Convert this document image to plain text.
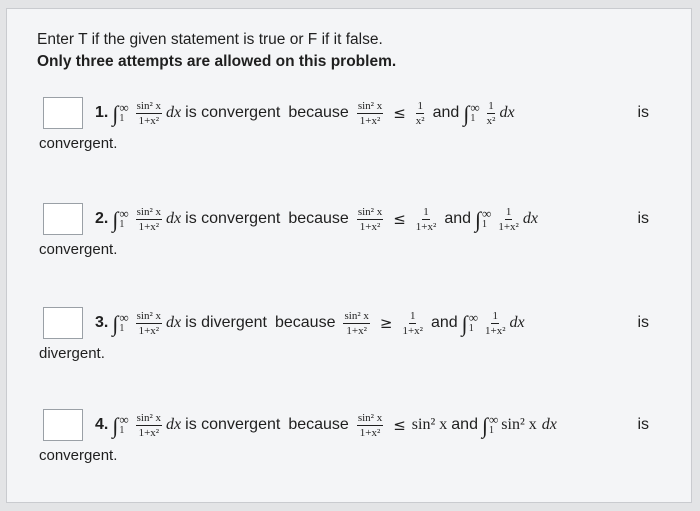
Enter T if the given statement is true or F if it false.
Only three attempts are allowed on this problem.
1. ∫ ∞
1	$\frac{\text{sin² x}}{\text{1+x²}}$ dx is convergent because $\frac{\text{sin² x}}{\text{1+x²}} \le \frac{1}{\text{x²}}$ and ∫ ∞
1	$\frac{1}{\text{x²}}$ dx	is
convergent.
2. ∫ ∞
1	$\frac{\text{sin² x}}{\text{1+x²}}$ dx is convergent because $\frac{\text{sin² x}}{\text{1+x²}} \le \frac{1}{\text{1+x²}}$ and ∫ ∞
1	$\frac{1}{\text{1+x²}}$ dx	is
convergent.
3. ∫ ∞
1	$\frac{\text{sin² x}}{\text{1+x²}}$ dx is divergent because $\frac{\text{sin² x}}{\text{1+x²}} \ge \frac{1}{\text{1+x²}}$ and ∫ ∞
1	$\frac{1}{\text{1+x²}}$ dx	is
divergent.
4. ∫ ∞
1	$\frac{\text{sin² x}}{\text{1+x²}}$ dx is convergent because $\frac{\text{sin² x}}{\text{1+x²}} \le \sin^2$ x and ∫ ∞
1 sin² x dx	is
convergent.
